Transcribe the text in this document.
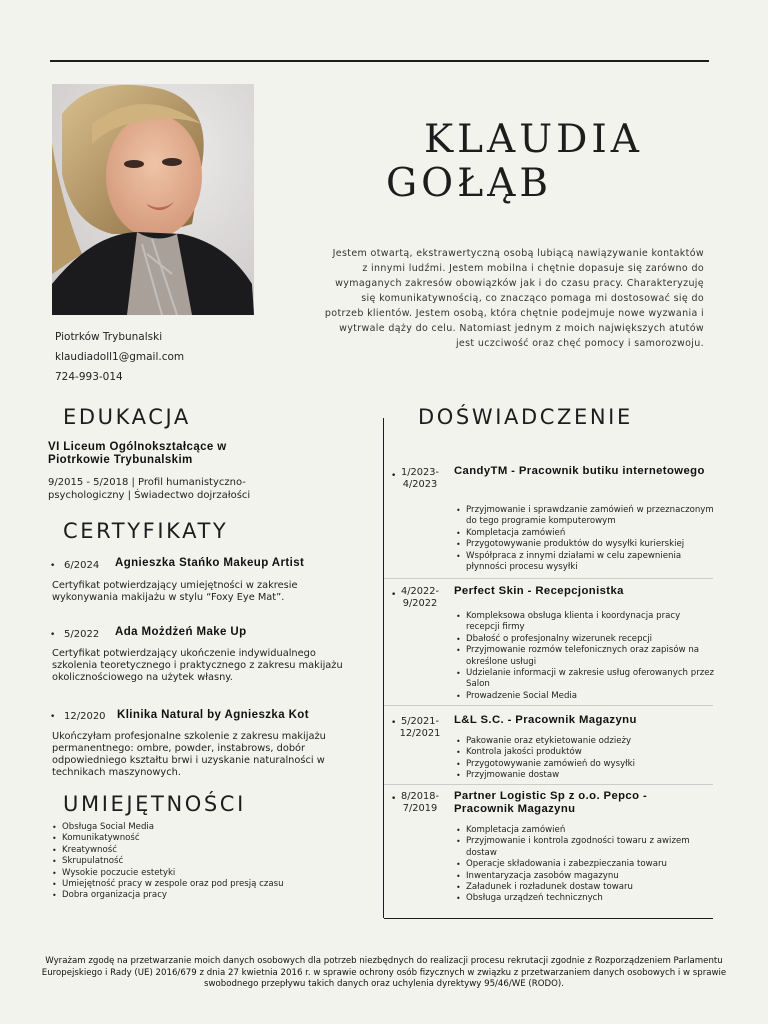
KLAUDIA
GOŁĄB
Jestem otwartą, ekstrawertyczną osobą lubiącą nawiązywanie kontaktów z innymi ludźmi. Jestem mobilna i chętnie dopasuje się zarówno do wymaganych zakresów obowiązków jak i do czasu pracy. Charakteryzuję się komunikatywnością, co znacząco pomaga mi dostosować się do potrzeb klientów. Jestem osobą, która chętnie podejmuje nowe wyzwania i wytrwale dąży do celu. Natomiast jednym z moich największych atutów jest uczciwość oraz chęć pomocy i samorozwoju.
Piotrków Trybunalski
klaudiadoll1@gmail.com
724-993-014
EDUKACJA
VI Liceum Ogólnokształcące w Piotrkowie Trybunalskim
9/2015 - 5/2018 | Profil humanistyczno-psychologiczny | Świadectwo dojrzałości
CERTYFIKATY
• 6/2024 Agnieszka Stańko Makeup Artist
Certyfikat potwierdzający umiejętności w zakresie wykonywania makijażu w stylu “Foxy Eye Mat”.
• 5/2022 Ada Możdżeń Make Up
Certyfikat potwierdzający ukończenie indywidualnego szkolenia teoretycznego i praktycznego z zakresu makijażu okolicznościowego na użytek własny.
• 12/2020 Klinika Natural by Agnieszka Kot
Ukończyłam profesjonalne szkolenie z zakresu makijażu permanentnego: ombre, powder, instabrows, dobór odpowiedniego kształtu brwi i uzyskanie naturalności w technikach maszynowych.
UMIEJĘTNOŚCI
• Obsługa Social Media
• Komunikatywność
• Kreatywność
• Skrupulatność
• Wysokie poczucie estetyki
• Umiejętność pracy w zespole oraz pod presją czasu
• Dobra organizacja pracy
DOŚWIADCZENIE
• 1/2023-
4/2023
CandyTM - Pracownik butiku internetowego
• Przyjmowanie i sprawdzanie zamówień w przeznaczonym do tego programie komputerowym
• Kompletacja zamówień
• Przygotowywanie produktów do wysyłki kurierskiej
• Współpraca z innymi działami w celu zapewnienia płynności procesu wysyłki
• 4/2022-
9/2022
Perfect Skin - Recepcjonistka
• Kompleksowa obsługa klienta i koordynacja pracy recepcji firmy
• Dbałość o profesjonalny wizerunek recepcji
• Przyjmowanie rozmów telefonicznych oraz zapisów na określone usługi
• Udzielanie informacji w zakresie usług oferowanych przez Salon
• Prowadzenie Social Media
• 5/2021-
12/2021
L&L S.C. - Pracownik Magazynu
• Pakowanie oraz etykietowanie odzieży
• Kontrola jakości produktów
• Przygotowywanie zamówień do wysyłki
• Przyjmowanie dostaw
• 8/2018-
7/2019
Partner Logistic Sp z o.o. Pepco - Pracownik Magazynu
• Kompletacja zamówień
• Przyjmowanie i kontrola zgodności towaru z awizem dostaw
• Operacje składowania i zabezpieczania towaru
• Inwentaryzacja zasobów magazynu
• Załadunek i rozładunek dostaw towaru
• Obsługa urządzeń technicznych
Wyrażam zgodę na przetwarzanie moich danych osobowych dla potrzeb niezbędnych do realizacji procesu rekrutacji zgodnie z Rozporządzeniem Parlamentu Europejskiego i Rady (UE) 2016/679 z dnia 27 kwietnia 2016 r. w sprawie ochrony osób fizycznych w związku z przetwarzaniem danych osobowych i w sprawie swobodnego przepływu takich danych oraz uchylenia dyrektywy 95/46/WE (RODO).
